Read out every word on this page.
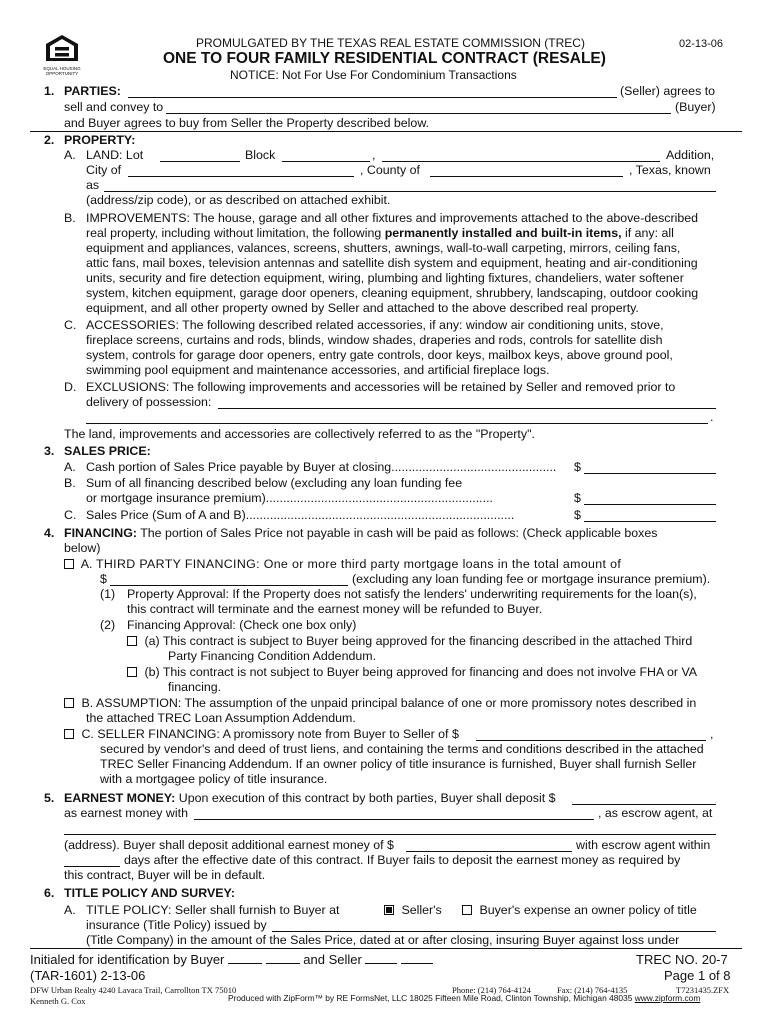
EQUAL HOUSING OPPORTUNITY
PROMULGATED BY THE TEXAS REAL ESTATE COMMISSION (TREC)	02-13-06
ONE TO FOUR FAMILY RESIDENTIAL CONTRACT (RESALE)
NOTICE: Not For Use For Condominium Transactions
1. PARTIES:	(Seller) agrees to
sell and convey to	(Buyer)
and Buyer agrees to buy from Seller the Property described below.
2. PROPERTY:
A. LAND: Lot	Block	,	Addition,
City of	, County of	, Texas, known
as
(address/zip code), or as described on attached exhibit.
B. IMPROVEMENTS: The house, garage and all other fixtures and improvements attached to the above-described
real property, including without limitation, the following permanently installed and built-in items, if any: all
equipment and appliances, valances, screens, shutters, awnings, wall-to-wall carpeting, mirrors, ceiling fans,
attic fans, mail boxes, television antennas and satellite dish system and equipment, heating and air-conditioning
units, security and fire detection equipment, wiring, plumbing and lighting fixtures, chandeliers, water softener
system, kitchen equipment, garage door openers, cleaning equipment, shrubbery, landscaping, outdoor cooking
equipment, and all other property owned by Seller and attached to the above described real property.
C. ACCESSORIES: The following described related accessories, if any: window air conditioning units, stove,
fireplace screens, curtains and rods, blinds, window shades, draperies and rods, controls for satellite dish
system, controls for garage door openers, entry gate controls, door keys, mailbox keys, above ground pool,
swimming pool equipment and maintenance accessories, and artificial fireplace logs.
D. EXCLUSIONS: The following improvements and accessories will be retained by Seller and removed prior to
delivery of possession:
.
The land, improvements and accessories are collectively referred to as the "Property".
3. SALES PRICE:
A. Cash portion of Sales Price payable by Buyer at closing................................................ $
B. Sum of all financing described below (excluding any loan funding fee
or mortgage insurance premium)..................................................................	$
C. Sales Price (Sum of A and B)..............................................................................	$
4. FINANCING: The portion of Sales Price not payable in cash will be paid as follows: (Check applicable boxes
below)
A. THIRD PARTY FINANCING: One or more third party mortgage loans in the total amount of
$	(excluding any loan funding fee or mortgage insurance premium).
(1) Property Approval: If the Property does not satisfy the lenders' underwriting requirements for the loan(s),
this contract will terminate and the earnest money will be refunded to Buyer.
(2) Financing Approval: (Check one box only)
(a) This contract is subject to Buyer being approved for the financing described in the attached Third
Party Financing Condition Addendum.
(b) This contract is not subject to Buyer being approved for financing and does not involve FHA or VA
financing.
B. ASSUMPTION: The assumption of the unpaid principal balance of one or more promissory notes described in
the attached TREC Loan Assumption Addendum.
C. SELLER FINANCING: A promissory note from Buyer to Seller of $	,
secured by vendor's and deed of trust liens, and containing the terms and conditions described in the attached
TREC Seller Financing Addendum. If an owner policy of title insurance is furnished, Buyer shall furnish Seller
with a mortgagee policy of title insurance.
5. EARNEST MONEY: Upon execution of this contract by both parties, Buyer shall deposit $
as earnest money with	, as escrow agent, at
(address). Buyer shall deposit additional earnest money of $	with escrow agent within
days after the effective date of this contract. If Buyer fails to deposit the earnest money as required by
this contract, Buyer will be in default.
6. TITLE POLICY AND SURVEY:
A. TITLE POLICY: Seller shall furnish to Buyer at	Seller's	Buyer's expense an owner policy of title
insurance (Title Policy) issued by
(Title Company) in the amount of the Sales Price, dated at or after closing, insuring Buyer against loss under
Initialed for identification by Buyer	and Seller	TREC NO. 20-7
(TAR-1601) 2-13-06	Page 1 of 8
DFW Urban Realty 4240 Lavaca Trail, Carrollton TX 75010	Phone: (214) 764-4124	Fax: (214) 764-4135	T7231435.ZFX
Kenneth G. Cox	Produced with ZipForm™ by RE FormsNet, LLC 18025 Fifteen Mile Road, Clinton Township, Michigan 48035 www.zipform.com
